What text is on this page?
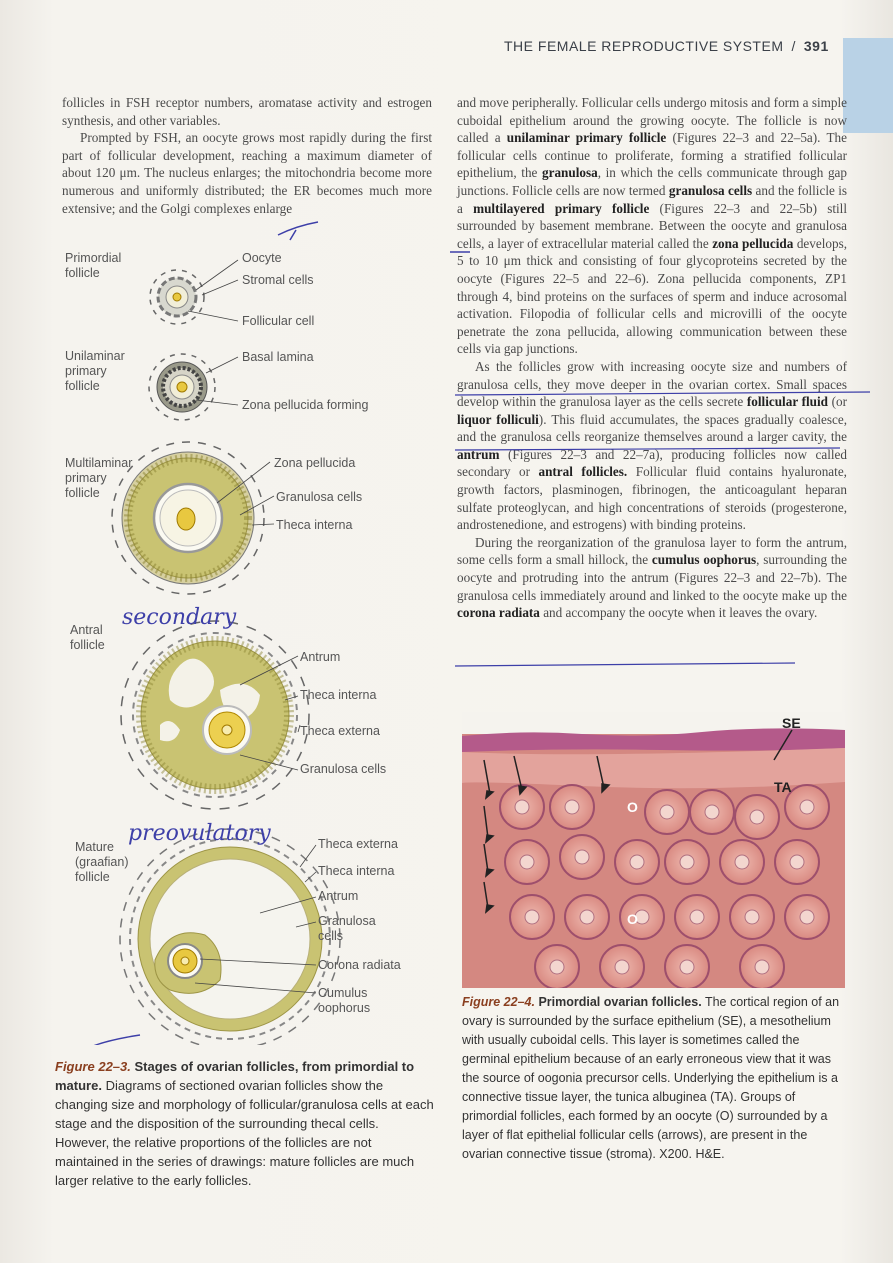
THE FEMALE REPRODUCTIVE SYSTEM / 391

follicles in FSH receptor numbers, aromatase activity and estrogen synthesis, and other variables.

Prompted by FSH, an oocyte grows most rapidly during the first part of follicular development, reaching a maximum diameter of about 120 μm. The nucleus enlarges; the mitochondria become more numerous and uniformly distributed; the ER becomes much more extensive; and the Golgi complexes enlarge

and move peripherally. Follicular cells undergo mitosis and form a simple cuboidal epithelium around the growing oocyte. The follicle is now called a unilaminar primary follicle (Figures 22–3 and 22–5a). The follicular cells continue to proliferate, forming a stratified follicular epithelium, the granulosa, in which the cells communicate through gap junctions. Follicle cells are now termed granulosa cells and the follicle is a multilayered primary follicle (Figures 22–3 and 22–5b) still surrounded by basement membrane. Between the oocyte and granulosa cells, a layer of extracellular material called the zona pellucida develops, 5 to 10 μm thick and consisting of four glycoproteins secreted by the oocyte (Figures 22–5 and 22–6). Zona pellucida components, ZP1 through 4, bind proteins on the surfaces of sperm and induce acrosomal activation. Filopodia of follicular cells and microvilli of the oocyte penetrate the zona pellucida, allowing communication between these cells via gap junctions.

As the follicles grow with increasing oocyte size and numbers of granulosa cells, they move deeper in the ovarian cortex. Small spaces develop within the granulosa layer as the cells secrete follicular fluid (or liquor folliculi). This fluid accumulates, the spaces gradually coalesce, and the granulosa cells reorganize themselves around a larger cavity, the antrum (Figures 22–3 and 22–7a), producing follicles now called secondary or antral follicles. Follicular fluid contains hyaluronate, growth factors, plasminogen, fibrinogen, the anticoagulant heparan sulfate proteoglycan, and high concentrations of steroids (progesterone, androstenedione, and estrogens) with binding proteins.

During the reorganization of the granulosa layer to form the antrum, some cells form a small hillock, the cumulus oophorus, surrounding the oocyte and protruding into the antrum (Figures 22–3 and 22–7b). The granulosa cells immediately around and linked to the oocyte make up the corona radiata and accompany the oocyte when it leaves the ovary.

Primordial
follicle
Oocyte
Stromal cells
Follicular cell
Unilaminar
primary
follicle
Basal lamina
Zona pellucida forming
Multilaminar
primary
follicle
Zona pellucida
Granulosa cells
Theca interna
Antral
follicle
Antrum
Theca interna
Theca externa
Granulosa cells
Mature
(graafian)
follicle
Theca externa
Theca interna
Antrum
Granulosa
cells
Corona radiata
Cumulus
oophorus
secondary
preovulatory
Figure 22–3. Stages of ovarian follicles, from primordial to mature. Diagrams of sectioned ovarian follicles show the changing size and morphology of follicular/granulosa cells at each stage and the disposition of the surrounding thecal cells. However, the relative proportions of the follicles are not maintained in the series of drawings: mature follicles are much larger relative to the early follicles.
SE
TA
O
O
Figure 22–4. Primordial ovarian follicles. The cortical region of an ovary is surrounded by the surface epithelium (SE), a mesothelium with usually cuboidal cells. This layer is sometimes called the germinal epithelium because of an early erroneous view that it was the source of oogonia precursor cells. Underlying the epithelium is a connective tissue layer, the tunica albuginea (TA). Groups of primordial follicles, each formed by an oocyte (O) surrounded by a layer of flat epithelial follicular cells (arrows), are present in the ovarian connective tissue (stroma). X200. H&E.
